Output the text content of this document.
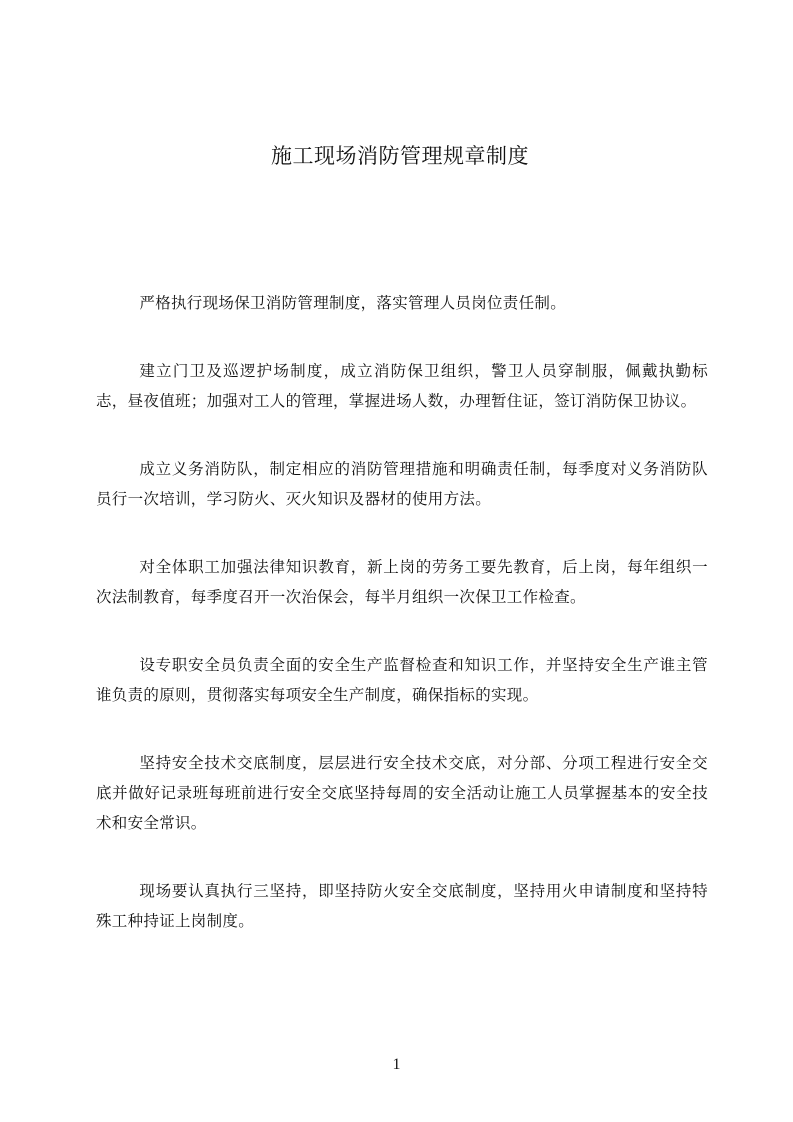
施工现场消防管理规章制度

严格执行现场保卫消防管理制度，落实管理人员岗位责任制。

建立门卫及巡逻护场制度，成立消防保卫组织，警卫人员穿制服，佩戴执勤标志，昼夜值班；加强对工人的管理，掌握进场人数，办理暂住证，签订消防保卫协议。

成立义务消防队，制定相应的消防管理措施和明确责任制，每季度对义务消防队员行一次培训，学习防火、灭火知识及器材的使用方法。

对全体职工加强法律知识教育，新上岗的劳务工要先教育，后上岗，每年组织一次法制教育，每季度召开一次治保会，每半月组织一次保卫工作检查。

设专职安全员负责全面的安全生产监督检查和知识工作，并坚持安全生产谁主管谁负责的原则，贯彻落实每项安全生产制度，确保指标的实现。

坚持安全技术交底制度，层层进行安全技术交底，对分部、分项工程进行安全交底并做好记录班每班前进行安全交底坚持每周的安全活动让施工人员掌握基本的安全技术和安全常识。

现场要认真执行三坚持，即坚持防火安全交底制度，坚持用火申请制度和坚持特殊工种持证上岗制度。

1
